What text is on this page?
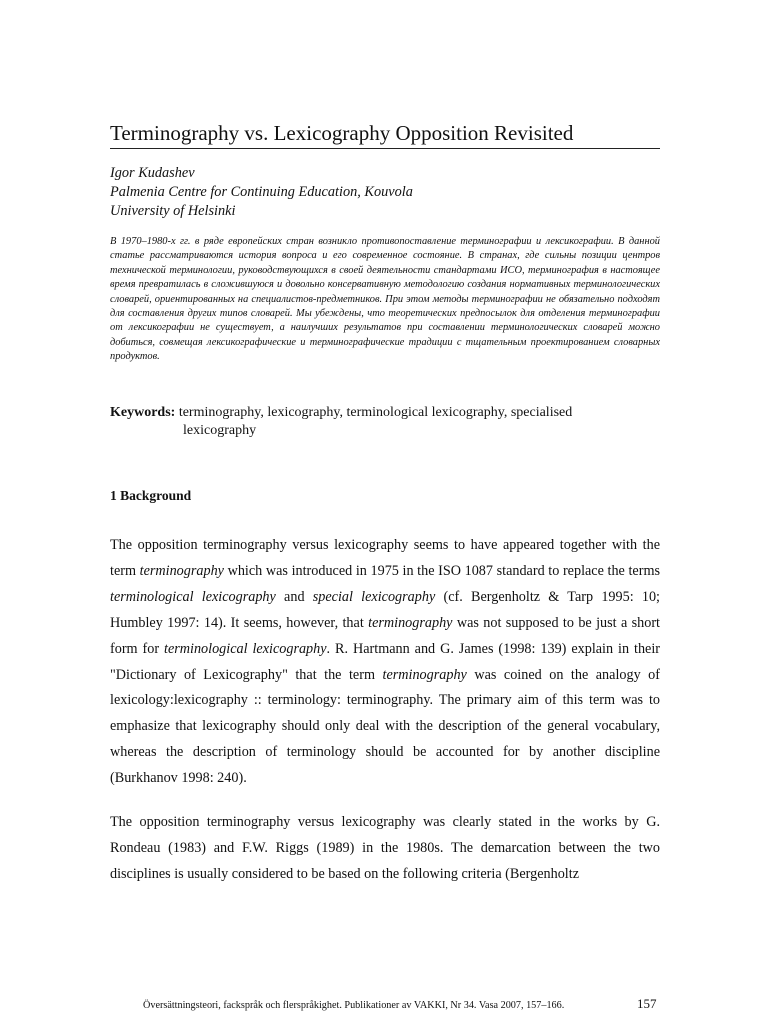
Terminography vs. Lexicography Opposition Revisited
Igor Kudashev
Palmenia Centre for Continuing Education, Kouvola
University of Helsinki
В 1970–1980-х гг. в ряде европейских стран возникло противопоставление терминографии и лексикографии. В данной статье рассматриваются история вопроса и его современное состояние. В странах, где сильны позиции центров технической терминологии, руководствующихся в своей деятельности стандартами ИСО, терминография в настоящее время превратилась в сложившуюся и довольно консервативную методологию создания нормативных терминологических словарей, ориентированных на специалистов-предметников. При этом методы терминографии не обязательно подходят для составления других типов словарей. Мы убеждены, что теоретических предпосылок для отделения терминографии от лексикографии не существует, а наилучших результатов при составлении терминологических словарей можно добиться, совмещая лексикографические и терминографические традиции с тщательным проектированием словарных продуктов.
Keywords: terminography, lexicography, terminological lexicography, specialised
lexicography
1 Background

The opposition terminography versus lexicography seems to have appeared together with the term terminography which was introduced in 1975 in the ISO 1087 standard to replace the terms terminological lexicography and special lexicography (cf. Bergenholtz & Tarp 1995: 10; Humbley 1997: 14). It seems, however, that terminography was not supposed to be just a short form for terminological lexicography. R. Hartmann and G. James (1998: 139) explain in their "Dictionary of Lexicography" that the term terminography was coined on the analogy of lexicology:lexicography :: terminology: terminography. The primary aim of this term was to emphasize that lexicography should only deal with the description of the general vocabulary, whereas the description of terminology should be accounted for by another discipline (Burkhanov 1998: 240).

The opposition terminography versus lexicography was clearly stated in the works by G. Rondeau (1983) and F.W. Riggs (1989) in the 1980s. The demarcation between the two disciplines is usually considered to be based on the following criteria (Bergenholtz

Översättningsteori, fackspråk och flerspråkighet. Publikationer av VAKKI, Nr 34. Vasa 2007, 157–166.	157
